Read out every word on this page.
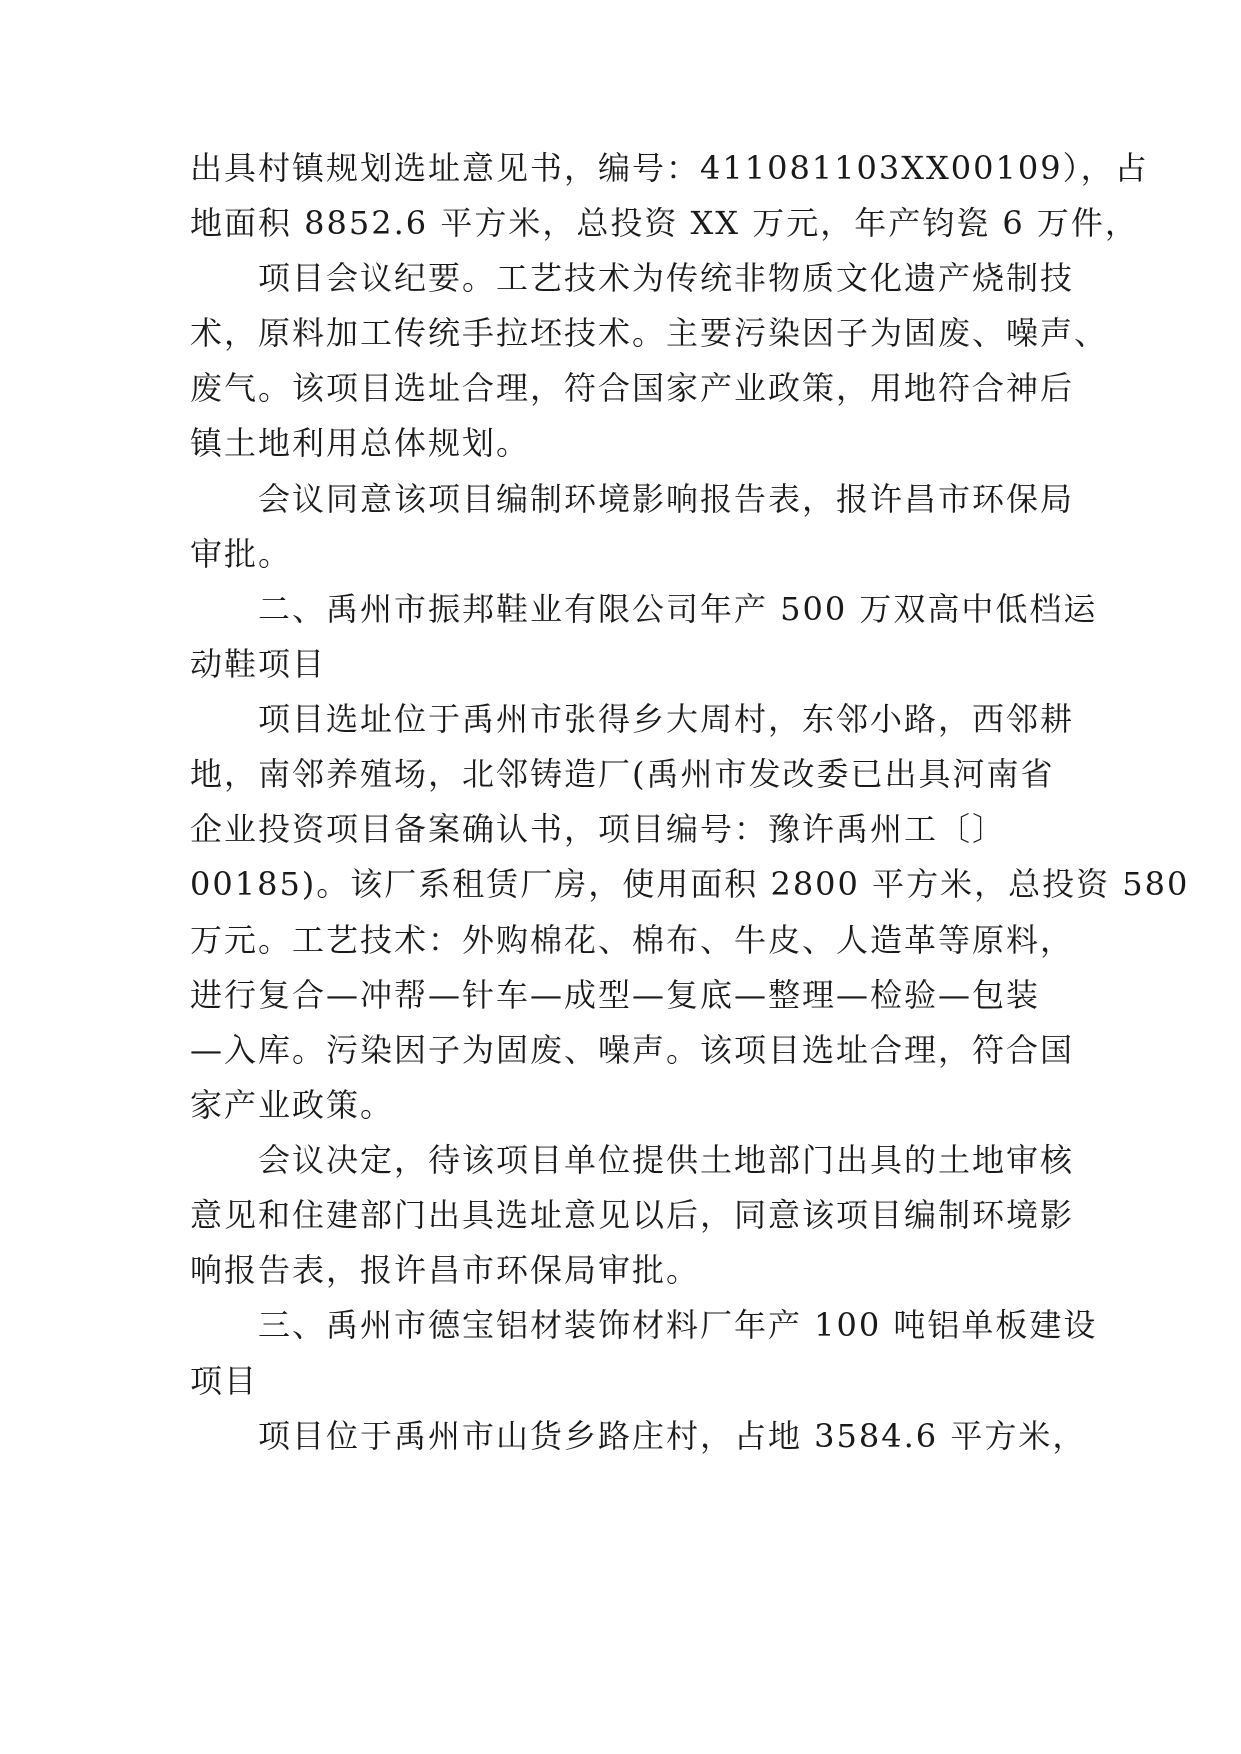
出具村镇规划选址意见书，编号：411081103XX00109），占
地面积 8852.6 平方米，总投资 XX 万元，年产钧瓷 6 万件，
项目会议纪要。工艺技术为传统非物质文化遗产烧制技
术，原料加工传统手拉坯技术。主要污染因子为固废、噪声、
废气。该项目选址合理，符合国家产业政策，用地符合神后
镇土地利用总体规划。
会议同意该项目编制环境影响报告表，报许昌市环保局
审批。
二、禹州市振邦鞋业有限公司年产 500 万双高中低档运
动鞋项目
项目选址位于禹州市张得乡大周村，东邻小路，西邻耕
地，南邻养殖场，北邻铸造厂(禹州市发改委已出具河南省
企业投资项目备案确认书，项目编号：豫许禹州工〔〕
00185)。该厂系租赁厂房，使用面积 2800 平方米，总投资 580
万元。工艺技术：外购棉花、棉布、牛皮、人造革等原料，
进行复合—冲帮—针车—成型—复底—整理—检验—包装
—入库。污染因子为固废、噪声。该项目选址合理，符合国
家产业政策。
会议决定，待该项目单位提供土地部门出具的土地审核
意见和住建部门出具选址意见以后，同意该项目编制环境影
响报告表，报许昌市环保局审批。
三、禹州市德宝铝材装饰材料厂年产 100 吨铝单板建设
项目
项目位于禹州市山货乡路庄村，占地 3584.6 平方米，
